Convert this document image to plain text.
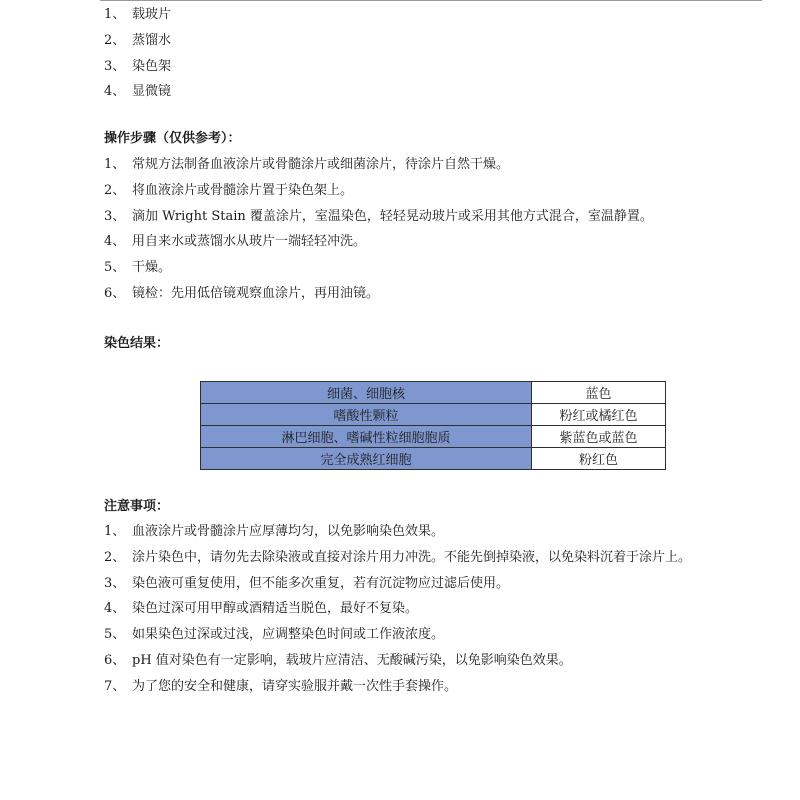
1、 载玻片
2、 蒸馏水
3、 染色架
4、 显微镜
操作步骤（仅供参考）：
1、 常规方法制备血液涂片或骨髓涂片或细菌涂片，待涂片自然干燥。
2、 将血液涂片或骨髓涂片置于染色架上。
3、 滴加 Wright Stain 覆盖涂片，室温染色，轻轻晃动玻片或采用其他方式混合，室温静置。
4、 用自来水或蒸馏水从玻片一端轻轻冲洗。
5、 干燥。
6、 镜检：先用低倍镜观察血涂片，再用油镜。
染色结果：
细菌、细胞核	蓝色
嗜酸性颗粒	粉红或橘红色
淋巴细胞、嗜碱性粒细胞胞质	紫蓝色或蓝色
完全成熟红细胞	粉红色
注意事项：
1、 血液涂片或骨髓涂片应厚薄均匀，以免影响染色效果。
2、 涂片染色中，请勿先去除染液或直接对涂片用力冲洗。不能先倒掉染液，以免染料沉着于涂片上。
3、 染色液可重复使用，但不能多次重复，若有沉淀物应过滤后使用。
4、 染色过深可用甲醇或酒精适当脱色，最好不复染。
5、 如果染色过深或过浅，应调整染色时间或工作液浓度。
6、 pH 值对染色有一定影响，载玻片应清洁、无酸碱污染，以免影响染色效果。
7、 为了您的安全和健康，请穿实验服并戴一次性手套操作。
